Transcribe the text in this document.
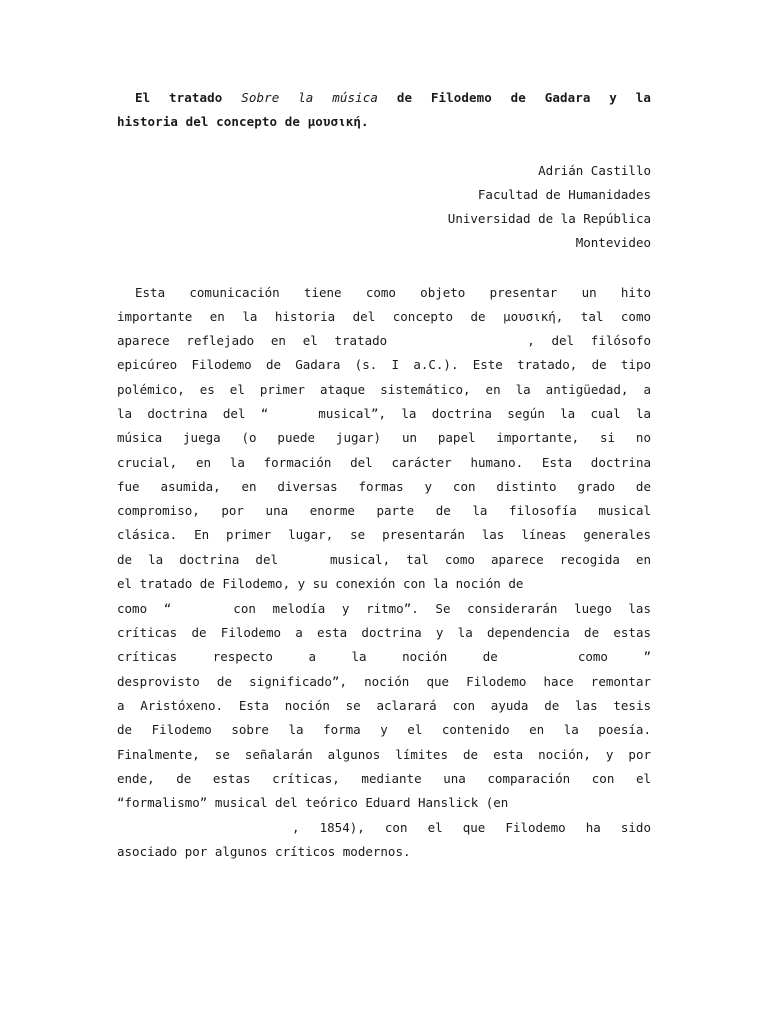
El tratado Sobre la música de Filodemo de Gadara y la
historia del concepto de μουσική.
Adrián Castillo
Facultad de Humanidades
Universidad de la República
Montevideo
Esta comunicación tiene como objeto presentar un hito
importante en la historia del concepto de μουσική, tal como
aparece reflejado en el tratado	, del filósofo
epicúreo Filodemo de Gadara (s. I a.C.). Este tratado, de tipo
polémico, es el primer ataque sistemático, en la antigüedad, a
la doctrina del “	musical”, la doctrina según la cual la
música juega (o puede jugar) un papel importante, si no
crucial, en la formación del carácter humano. Esta doctrina
fue asumida, en diversas formas y con distinto grado de
compromiso, por una enorme parte de la filosofía musical
clásica. En primer lugar, se presentarán las líneas generales
de la doctrina del	musical, tal como aparece recogida en
el tratado de Filodemo, y su conexión con la noción de
como “	con melodía y ritmo”. Se considerarán luego las
críticas de Filodemo a esta doctrina y la dependencia de estas
críticas respecto a la noción de	como ”
desprovisto de significado”, noción que Filodemo hace remontar
a Aristóxeno. Esta noción se aclarará con ayuda de las tesis
de Filodemo sobre la forma y el contenido en la poesía.
Finalmente, se señalarán algunos límites de esta noción, y por
ende, de estas críticas, mediante una comparación con el
“formalismo” musical del teórico Eduard Hanslick (en
, 1854), con el que Filodemo ha sido
asociado por algunos críticos modernos.
